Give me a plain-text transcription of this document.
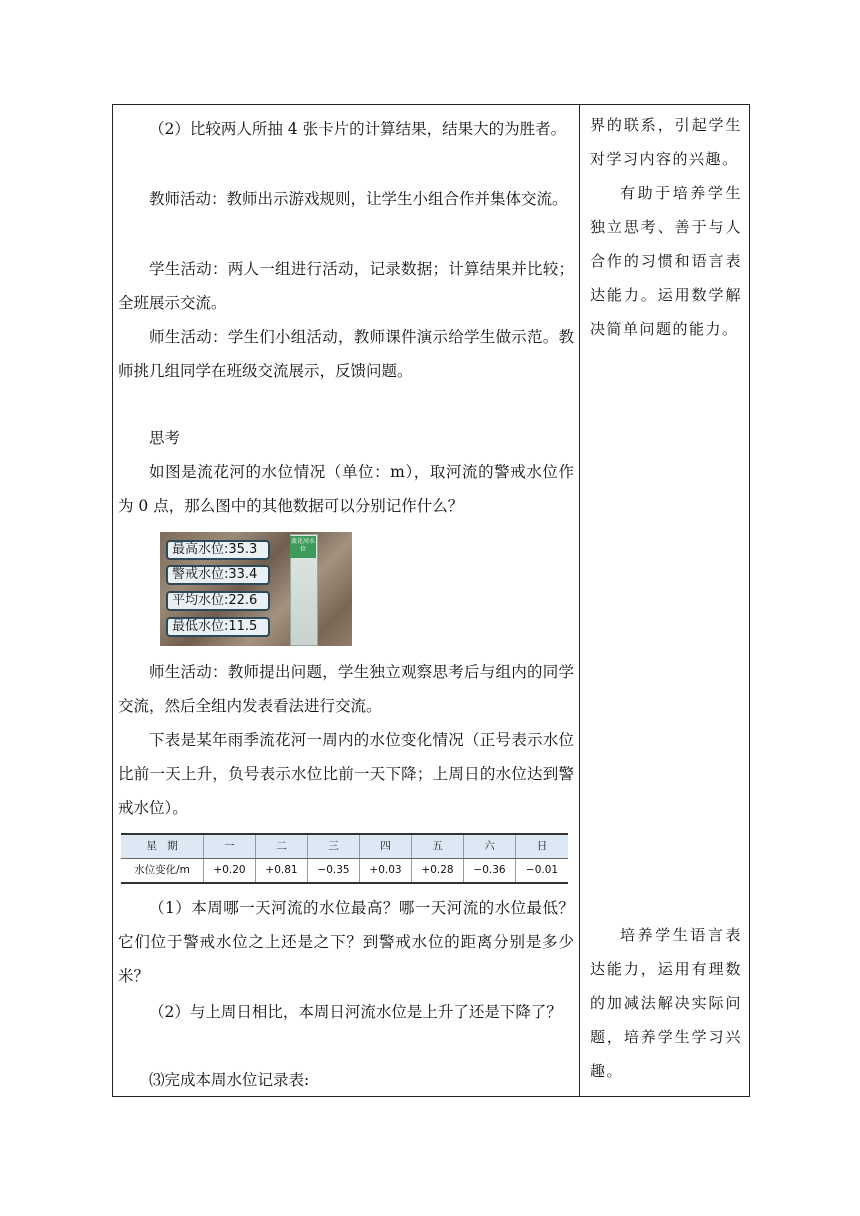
（2）比较两人所抽 4 张卡片的计算结果，结果大的为胜者。
教师活动：教师出示游戏规则，让学生小组合作并集体交流。
学生活动：两人一组进行活动，记录数据；计算结果并比较；全班展示交流。
师生活动：学生们小组活动，教师课件演示给学生做示范。教师挑几组同学在班级交流展示，反馈问题。
思考
如图是流花河的水位情况（单位：m），取河流的警戒水位作为 0 点，那么图中的其他数据可以分别记作什么？
师生活动：教师提出问题，学生独立观察思考后与组内的同学交流，然后全组内发表看法进行交流。
下表是某年雨季流花河一周内的水位变化情况（正号表示水位比前一天上升，负号表示水位比前一天下降；上周日的水位达到警戒水位）。
（1）本周哪一天河流的水位最高？哪一天河流的水位最低？它们位于警戒水位之上还是之下？到警戒水位的距离分别是多少米？
（2）与上周日相比，本周日河流水位是上升了还是下降了？
⑶完成本周水位记录表:
流花河水位
最高水位:35.3
警戒水位:33.4
平均水位:22.6
最低水位:11.5
星　期	一	二	三	四	五	六	日
水位变化/m	+0.20	+0.81	−0.35	+0.03	+0.28	−0.36	−0.01
界的联系，引起学生对学习内容的兴趣。
有助于培养学生独立思考、善于与人合作的习惯和语言表达能力。运用数学解决简单问题的能力。
培养学生语言表达能力，运用有理数的加减法解决实际问题，培养学生学习兴趣。
